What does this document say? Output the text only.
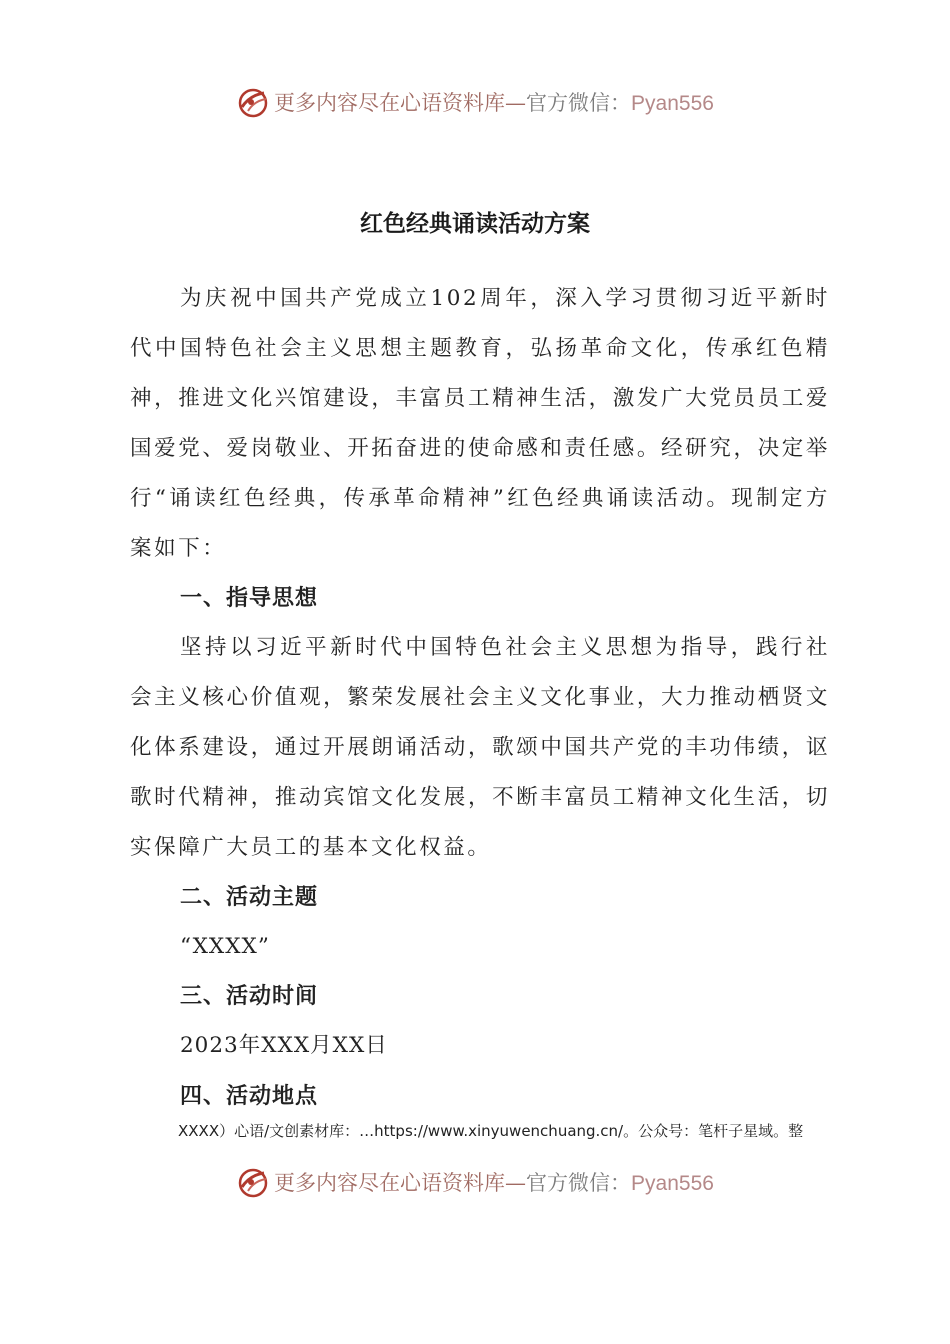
更多内容尽在心语资料库—官方微信：Pyan556
红色经典诵读活动方案

为庆祝中国共产党成立102周年，深入学习贯彻习近平新时代中国特色社会主义思想主题教育，弘扬革命文化，传承红色精神，推进文化兴馆建设，丰富员工精神生活，激发广大党员员工爱国爱党、爱岗敬业、开拓奋进的使命感和责任感。经研究，决定举行“诵读红色经典，传承革命精神”红色经典诵读活动。现制定方案如下：

一、指导思想

坚持以习近平新时代中国特色社会主义思想为指导，践行社会主义核心价值观，繁荣发展社会主义文化事业，大力推动栖贤文化体系建设，通过开展朗诵活动，歌颂中国共产党的丰功伟绩，讴歌时代精神，推动宾馆文化发展，不断丰富员工精神文化生活，切实保障广大员工的基本文化权益。

二、活动主题

“XXXX”

三、活动时间

2023年XXX月XX日

四、活动地点

XXXX）心语/文创素材库：…https://www.xinyuwenchuang.cn/。公众号：笔杆子星域。整
更多内容尽在心语资料库—官方微信：Pyan556
